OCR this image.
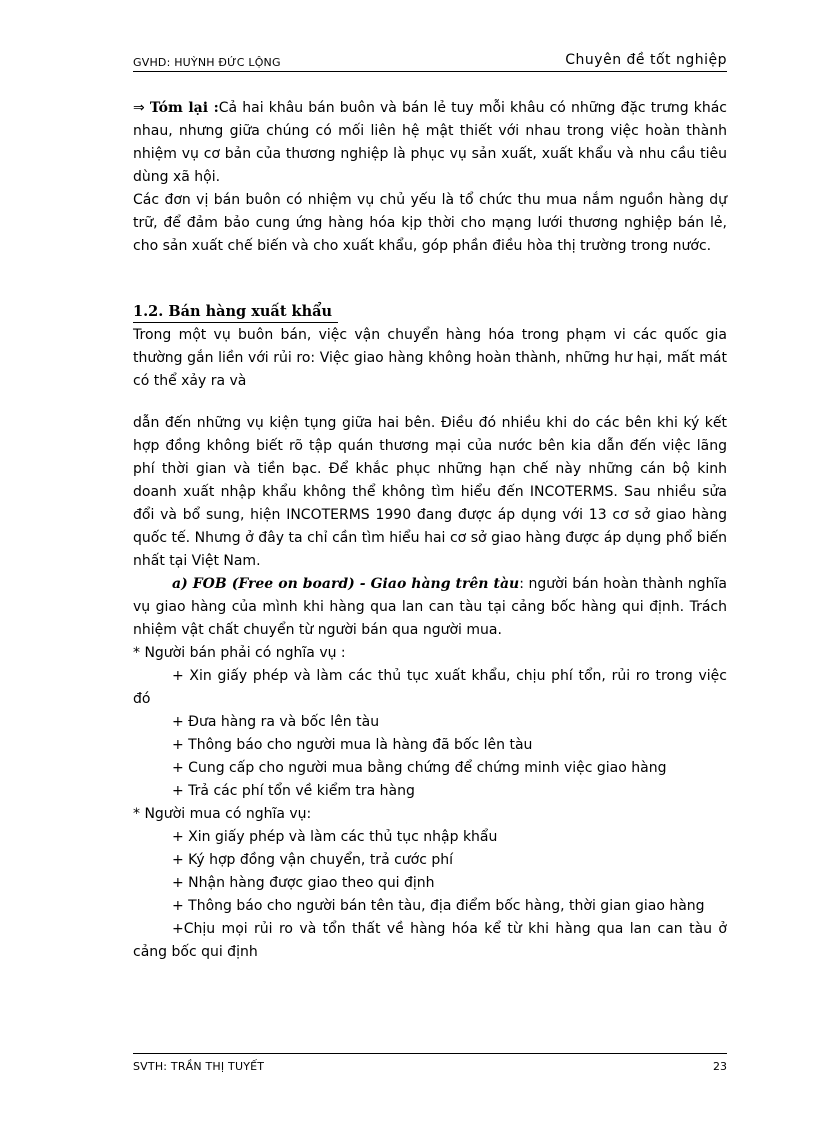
GVHD: HUỲNH ĐỨC LỘNG	Chuyên đề tốt nghiệp

⇒ Tóm lại :Cả hai khâu bán buôn và bán lẻ tuy mỗi khâu có những đặc trưng khác nhau, nhưng giữa chúng có mối liên hệ mật thiết với nhau trong việc hoàn thành nhiệm vụ cơ bản của thương nghiệp là phục vụ sản xuất, xuất khẩu và nhu cầu tiêu dùng xã hội.

Các đơn vị bán buôn có nhiệm vụ chủ yếu là tổ chức thu mua nắm nguồn hàng dự trữ, để đảm bảo cung ứng hàng hóa kịp thời cho mạng lưới thương nghiệp bán lẻ, cho sản xuất chế biến và cho xuất khẩu, góp phần điều hòa thị trường trong nước.

1.2. Bán hàng xuất khẩu

Trong một vụ buôn bán, việc vận chuyển hàng hóa trong phạm vi các quốc gia thường gắn liền với rủi ro: Việc giao hàng không hoàn thành, những hư hại, mất mát có thể xảy ra và

dẫn đến những vụ kiện tụng giữa hai bên. Điều đó nhiều khi do các bên khi ký kết hợp đồng không biết rõ tập quán thương mại của nước bên kia dẫn đến việc lãng phí thời gian và tiền bạc. Để khắc phục những hạn chế này những cán bộ kinh doanh xuất nhập khẩu không thể không tìm hiểu đến INCOTERMS. Sau nhiều sửa đổi và bổ sung, hiện INCOTERMS 1990 đang được áp dụng với 13 cơ sở giao hàng quốc tế. Nhưng ở đây ta chỉ cần tìm hiểu hai cơ sở giao hàng được áp dụng phổ biến nhất tại Việt Nam.

a) FOB (Free on board) - Giao hàng trên tàu: người bán hoàn thành nghĩa vụ giao hàng của mình khi hàng qua lan can tàu tại cảng bốc hàng qui định. Trách nhiệm vật chất chuyển từ người bán qua người mua.

* Người bán phải có nghĩa vụ :

+ Xin giấy phép và làm các thủ tục xuất khẩu, chịu phí tổn, rủi ro trong việc đó

+ Đưa hàng ra và bốc lên tàu

+ Thông báo cho người mua là hàng đã bốc lên tàu

+ Cung cấp cho người mua bằng chứng để chứng minh việc giao hàng

+ Trả các phí tổn về kiểm tra hàng

* Người mua có nghĩa vụ:

+ Xin giấy phép và làm các thủ tục nhập khẩu

+ Ký hợp đồng vận chuyển, trả cước phí

+ Nhận hàng được giao theo qui định

+ Thông báo cho người bán tên tàu, địa điểm bốc hàng, thời gian giao hàng

+Chịu mọi rủi ro và tổn thất về hàng hóa kể từ khi hàng qua lan can tàu ở cảng bốc qui định

SVTH: TRẦN THỊ TUYẾT	23
